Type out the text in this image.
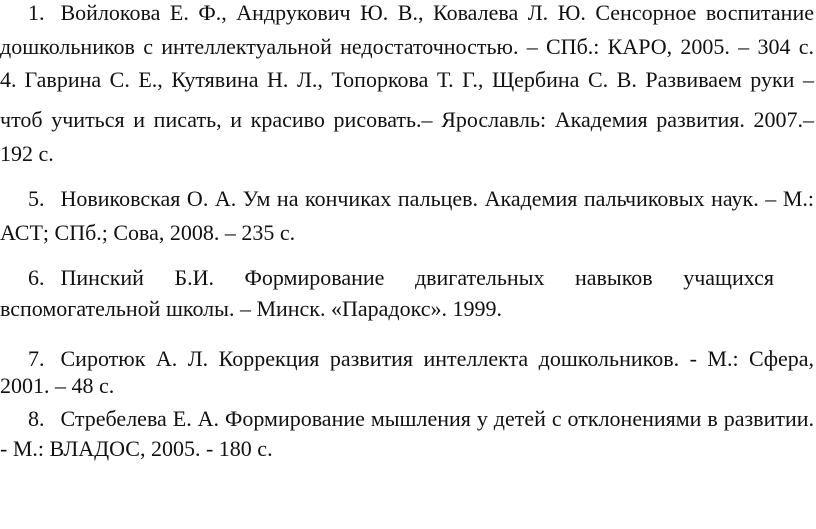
1. Войлокова Е. Ф., Андрукович Ю. В., Ковалева Л. Ю. Сенсорное воспитание
дошкольников с интеллектуальной недостаточностью. – СПб.: КАРО, 2005. – 304 с.
4. Гаврина С. Е., Кутявина Н. Л., Топоркова Т. Г., Щербина С. В. Развиваем руки –
чтоб учиться и писать, и красиво рисовать.– Ярославль: Академия развития. 2007.–
192 с.
5. Новиковская О. А. Ум на кончиках пальцев. Академия пальчиковых наук. – М.:
АСТ; СПб.; Сова, 2008. – 235 с.
6. Пинский Б.И. Формирование двигательных навыков учащихся
вспомогательной школы. – Минск. «Парадокс». 1999.
7. Сиротюк А. Л. Коррекция развития интеллекта дошкольников. - М.: Сфера,
2001. – 48 с.
8. Стребелева Е. А. Формирование мышления у детей с отклонениями в развитии.
- М.: ВЛАДОС, 2005. - 180 с.
